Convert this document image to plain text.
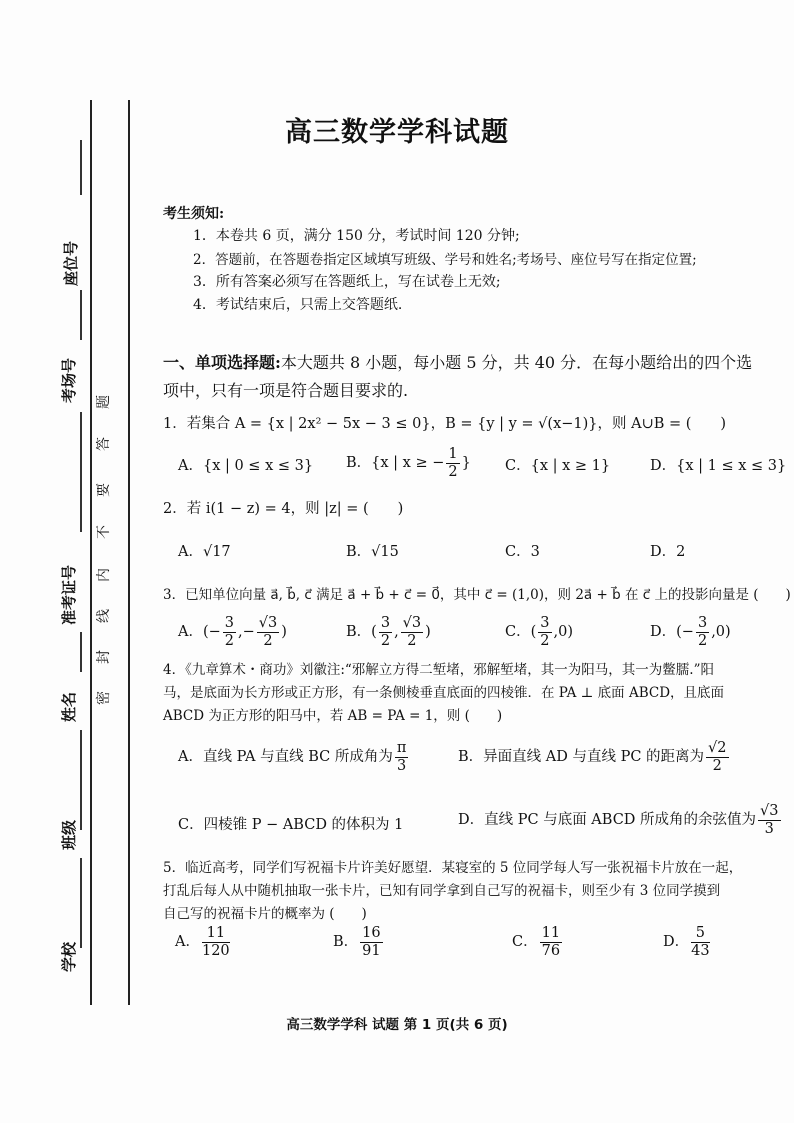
座位号
考场号
准考证号
姓名
班级
学校
密
封
线
内
不
要
答
题
高三数学学科试题
考生须知:
1．本卷共 6 页，满分 150 分，考试时间 120 分钟;
2．答题前，在答题卷指定区域填写班级、学号和姓名;考场号、座位号写在指定位置;
3．所有答案必须写在答题纸上，写在试卷上无效;
4．考试结束后，只需上交答题纸.
一、单项选择题:本大题共 8 小题，每小题 5 分，共 40 分．在每小题给出的四个选
项中，只有一项是符合题目要求的.
1．若集合 A = {x | 2x² − 5x − 3 ≤ 0}，B = {y | y = √(x−1)}，则 A∪B = (　　)
A．{x | 0 ≤ x ≤ 3} B．{x | x ≥ − $\frac{1}{2}$ } C．{x | x ≥ 1}	D．{x | 1 ≤ x ≤ 3}
2．若 i(1 − z) = 4，则 |z| = (　　)
A．√17	B．√15	C．3	D．2
3．已知单位向量 a⃗, b⃗, c⃗ 满足 a⃗ + b⃗ + c⃗ = 0⃗，其中 c⃗ = (1,0)，则 2a⃗ + b⃗ 在 c⃗ 上的投影向量是 (　　)
A．(− $\frac{3}{2}$ ,− $\frac{√3}{2}$ )	B．( $\frac{3}{2}$ , $\frac{√3}{2}$ )	C．( $\frac{3}{2} ,0$)	D．(− $\frac{3}{2} ,0$)
4．《九章算术・商功》刘徽注:“邪解立方得二堑堵，邪解堑堵，其一为阳马，其一为鳖臑.”阳
马，是底面为长方形或正方形，有一条侧棱垂直底面的四棱锥．在 PA ⊥ 底面 ABCD，且底面
ABCD 为正方形的阳马中，若 AB = PA = 1，则 (　　)
A．直线 PA 与直线 BC 所成角为 $\frac{\pi}{3}$	B．异面直线 AD 与直线 PC 的距离为 $\frac{√2}{2}$
C．四棱锥 P − ABCD 的体积为 1	D．直线 PC 与底面 ABCD 所成角的余弦值为 $\frac{√3}{3}$
5．临近高考，同学们写祝福卡片许美好愿望．某寝室的 5 位同学每人写一张祝福卡片放在一起，
打乱后每人从中随机抽取一张卡片，已知有同学拿到自己写的祝福卡，则至少有 3 位同学摸到
自己写的祝福卡片的概率为 (　　)
A． $\frac{11}{120}$	B． $\frac{16}{91}$	C． $\frac{11}{76}$	D． $\frac{5}{43}$
高三数学学科 试题 第 1 页(共 6 页)
